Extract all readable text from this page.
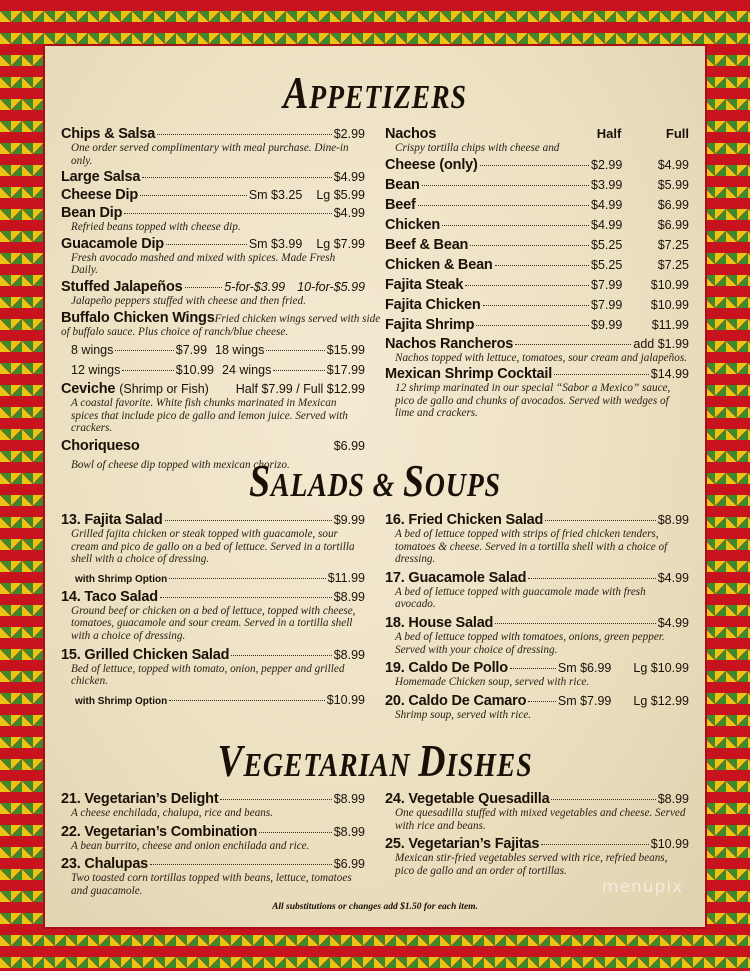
APPETIZERS
Chips & Salsa	$2.99
One order served complimentary with meal purchase. Dine-in only.
Large Salsa	$4.99
Cheese Dip	Sm $3.25 Lg $5.99
Bean Dip	$4.99
Refried beans topped with cheese dip.
Guacamole Dip	Sm $3.99 Lg $7.99
Fresh avocado mashed and mixed with spices. Made Fresh Daily.
Stuffed Jalapeños	5-for-$3.99 10-for-$5.99
Jalapeño peppers stuffed with cheese and then fried.
Buffalo Chicken Wings Fried chicken wings served with side
of buffalo sauce. Plus choice of ranch/blue cheese.
8 wings	$7.99 18 wings	$15.99
12 wings	$10.99 24 wings	$17.99
Ceviche (Shrimp or Fish) Half $7.99 / Full $12.99
A coastal favorite. White fish chunks marinated in Mexican spices that include pico de gallo and lemon juice. Served with crackers.
Choriqueso	$6.99
Bowl of cheese dip topped with mexican chorizo.
Nachos	Half	Full
Crispy tortilla chips with cheese and
Cheese (only)	$2.99	$4.99
Bean	$3.99	$5.99
Beef	$4.99	$6.99
Chicken	$4.99	$6.99
Beef & Bean	$5.25	$7.25
Chicken & Bean	$5.25	$7.25
Fajita Steak	$7.99	$10.99
Fajita Chicken	$7.99	$10.99
Fajita Shrimp	$9.99	$11.99
Nachos Rancheros	add $1.99
Nachos topped with lettuce, tomatoes, sour cream and jalapeños.
Mexican Shrimp Cocktail	$14.99
12 shrimp marinated in our special “Sabor a Mexico” sauce, pico de gallo and chunks of avocados. Served with wedges of lime and crackers.
SALADS & SOUPS
13. Fajita Salad	$9.99
Grilled fajita chicken or steak topped with guacamole, sour cream and pico de gallo on a bed of lettuce. Served in a tortilla shell with a choice of dressing.
with Shrimp Option	$11.99
14. Taco Salad	$8.99
Ground beef or chicken on a bed of lettuce, topped with cheese, tomatoes, guacamole and sour cream. Served in a tortilla shell with a choice of dressing.
15. Grilled Chicken Salad	$8.99
Bed of lettuce, topped with tomato, onion, pepper and grilled chicken.
with Shrimp Option	$10.99
16. Fried Chicken Salad	$8.99
A bed of lettuce topped with strips of fried chicken tenders, tomatoes & cheese. Served in a tortilla shell with a choice of dressing.
17. Guacamole Salad	$4.99
A bed of lettuce topped with guacamole made with fresh avocado.
18. House Salad	$4.99
A bed of lettuce topped with tomatoes, onions, green pepper. Served with your choice of dressing.
19. Caldo De Pollo	Sm $6.99 Lg $10.99
Homemade Chicken soup, served with rice.
20. Caldo De Camaro	Sm $7.99 Lg $12.99
Shrimp soup, served with rice.
VEGETARIAN DISHES
21. Vegetarian’s Delight	$8.99
A cheese enchilada, chalupa, rice and beans.
22. Vegetarian’s Combination	$8.99
A bean burrito, cheese and onion enchilada and rice.
23. Chalupas	$6.99
Two toasted corn tortillas topped with beans, lettuce, tomatoes and guacamole.
24. Vegetable Quesadilla	$8.99
One quesadilla stuffed with mixed vegetables and cheese. Served with rice and beans.
25. Vegetarian’s Fajitas	$10.99
Mexican stir-fried vegetables served with rice, refried beans, pico de gallo and an order of tortillas.
All substitutions or changes add $1.50 for each item.
menupix
